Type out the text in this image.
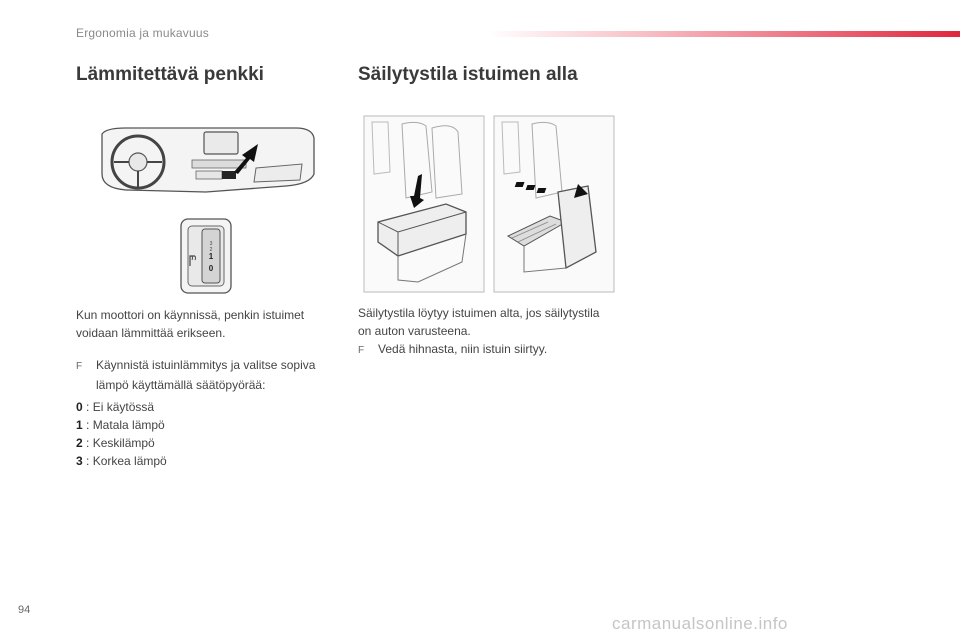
Ergonomia ja mukavuus
Lämmitettävä penkki	Säilytystila istuimen alla
3
2
1
0

Kun moottori on käynnissä, penkin istuimet
voidaan lämmittää erikseen.

F Käynnistä istuinlämmitys ja valitse sopiva
lämpö käyttämällä säätöpyörää:

0 : Ei käytössä
1 : Matala lämpö
2 : Keskilämpö
3 : Korkea lämpö

Säilytystila löytyy istuimen alta, jos säilytystila
on auton varusteena.
F Vedä hihnasta, niin istuin siirtyy.

94
carmanualsonline.info
